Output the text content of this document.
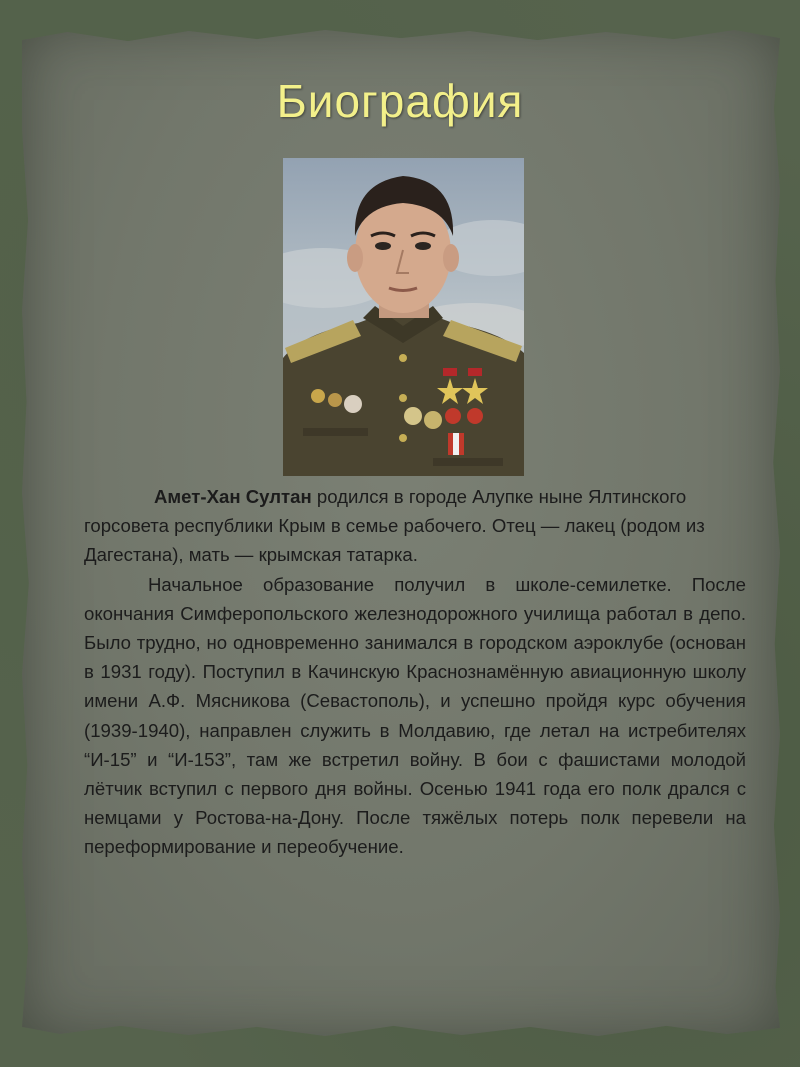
Биография

Амет-Хан Султан родился в городе Алупке ныне Ялтинского горсовета республики Крым в семье рабочего. Отец — лакец (родом из Дагестана), мать — крымская татарка.

Начальное образование получил в школе-семилетке. После окончания Симферопольского железнодорожного училища работал в депо. Было трудно, но одновременно занимался в городском аэроклубе (основан в 1931 году). Поступил в Качинскую Краснознамённую авиационную школу имени А.Ф. Мясникова (Севастополь), и успешно пройдя курс обучения (1939-1940), направлен служить в Молдавию, где летал на истребителях “И-15” и “И-153”, там же встретил войну. В бои с фашистами молодой лётчик вступил с первого дня войны. Осенью 1941 года его полк дрался с немцами у Ростова-на-Дону. После тяжёлых потерь полк перевели на переформирование и переобучение.
